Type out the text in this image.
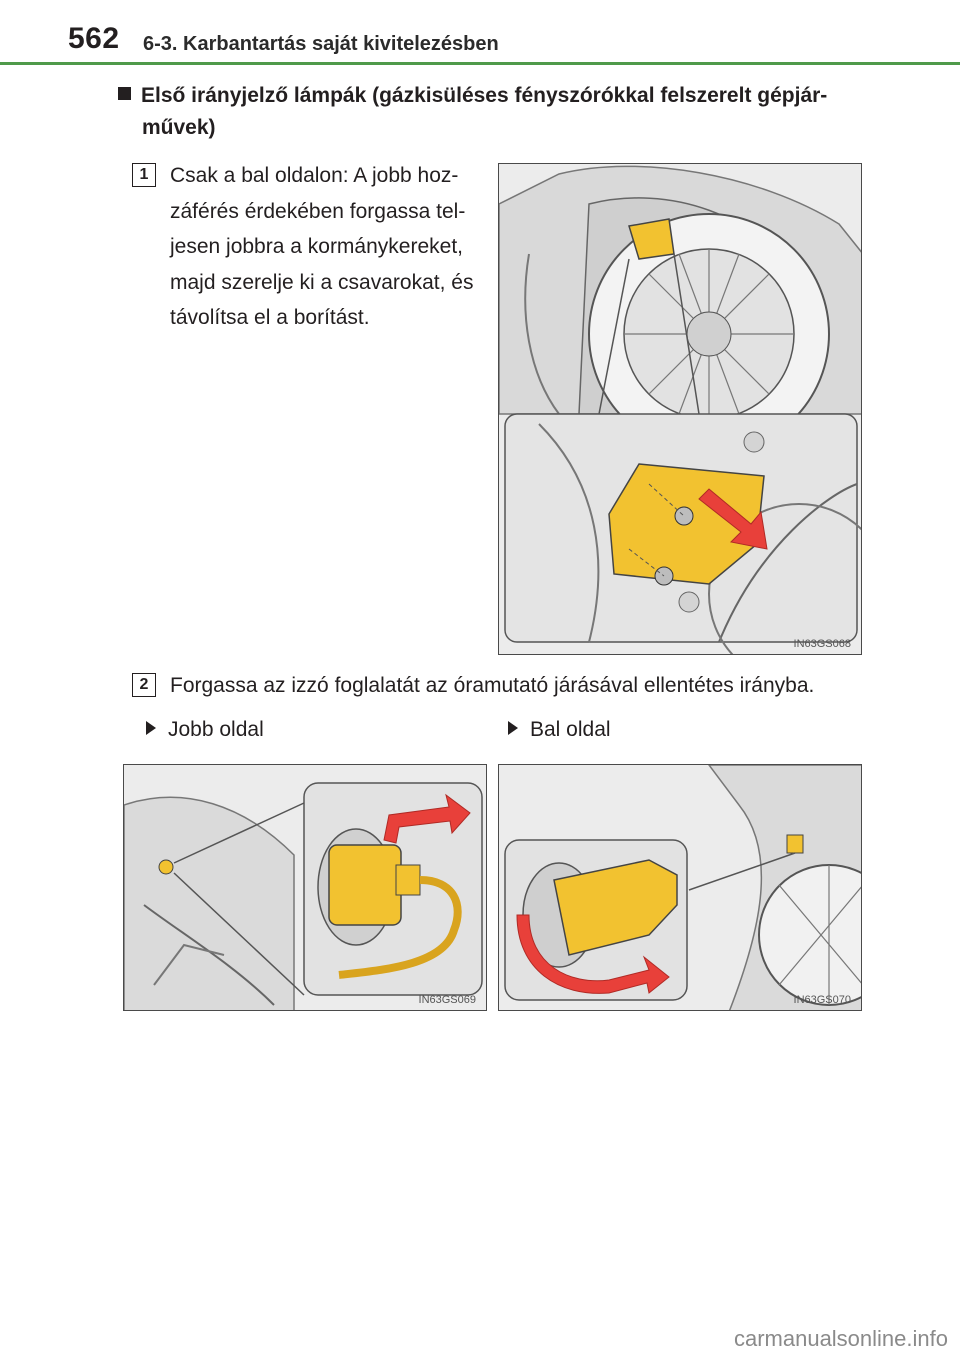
562 6-3. Karbantartás saját kivitelezésben
Első irányjelző lámpák (gázkisüléses fényszórókkal felszerelt gépjár-
művek)
1	Csak a bal oldalon: A jobb hoz-
záférés érdekében forgassa tel-
jesen jobbra a kormánykereket,
majd szerelje ki a csavarokat, és
távolítsa el a borítást.
IN63GS068
2	Forgassa az izzó foglalatát az óramutató járásával ellentétes irányba.
Jobb oldal	Bal oldal
IN63GS069	IN63GS070
carmanualsonline.info
